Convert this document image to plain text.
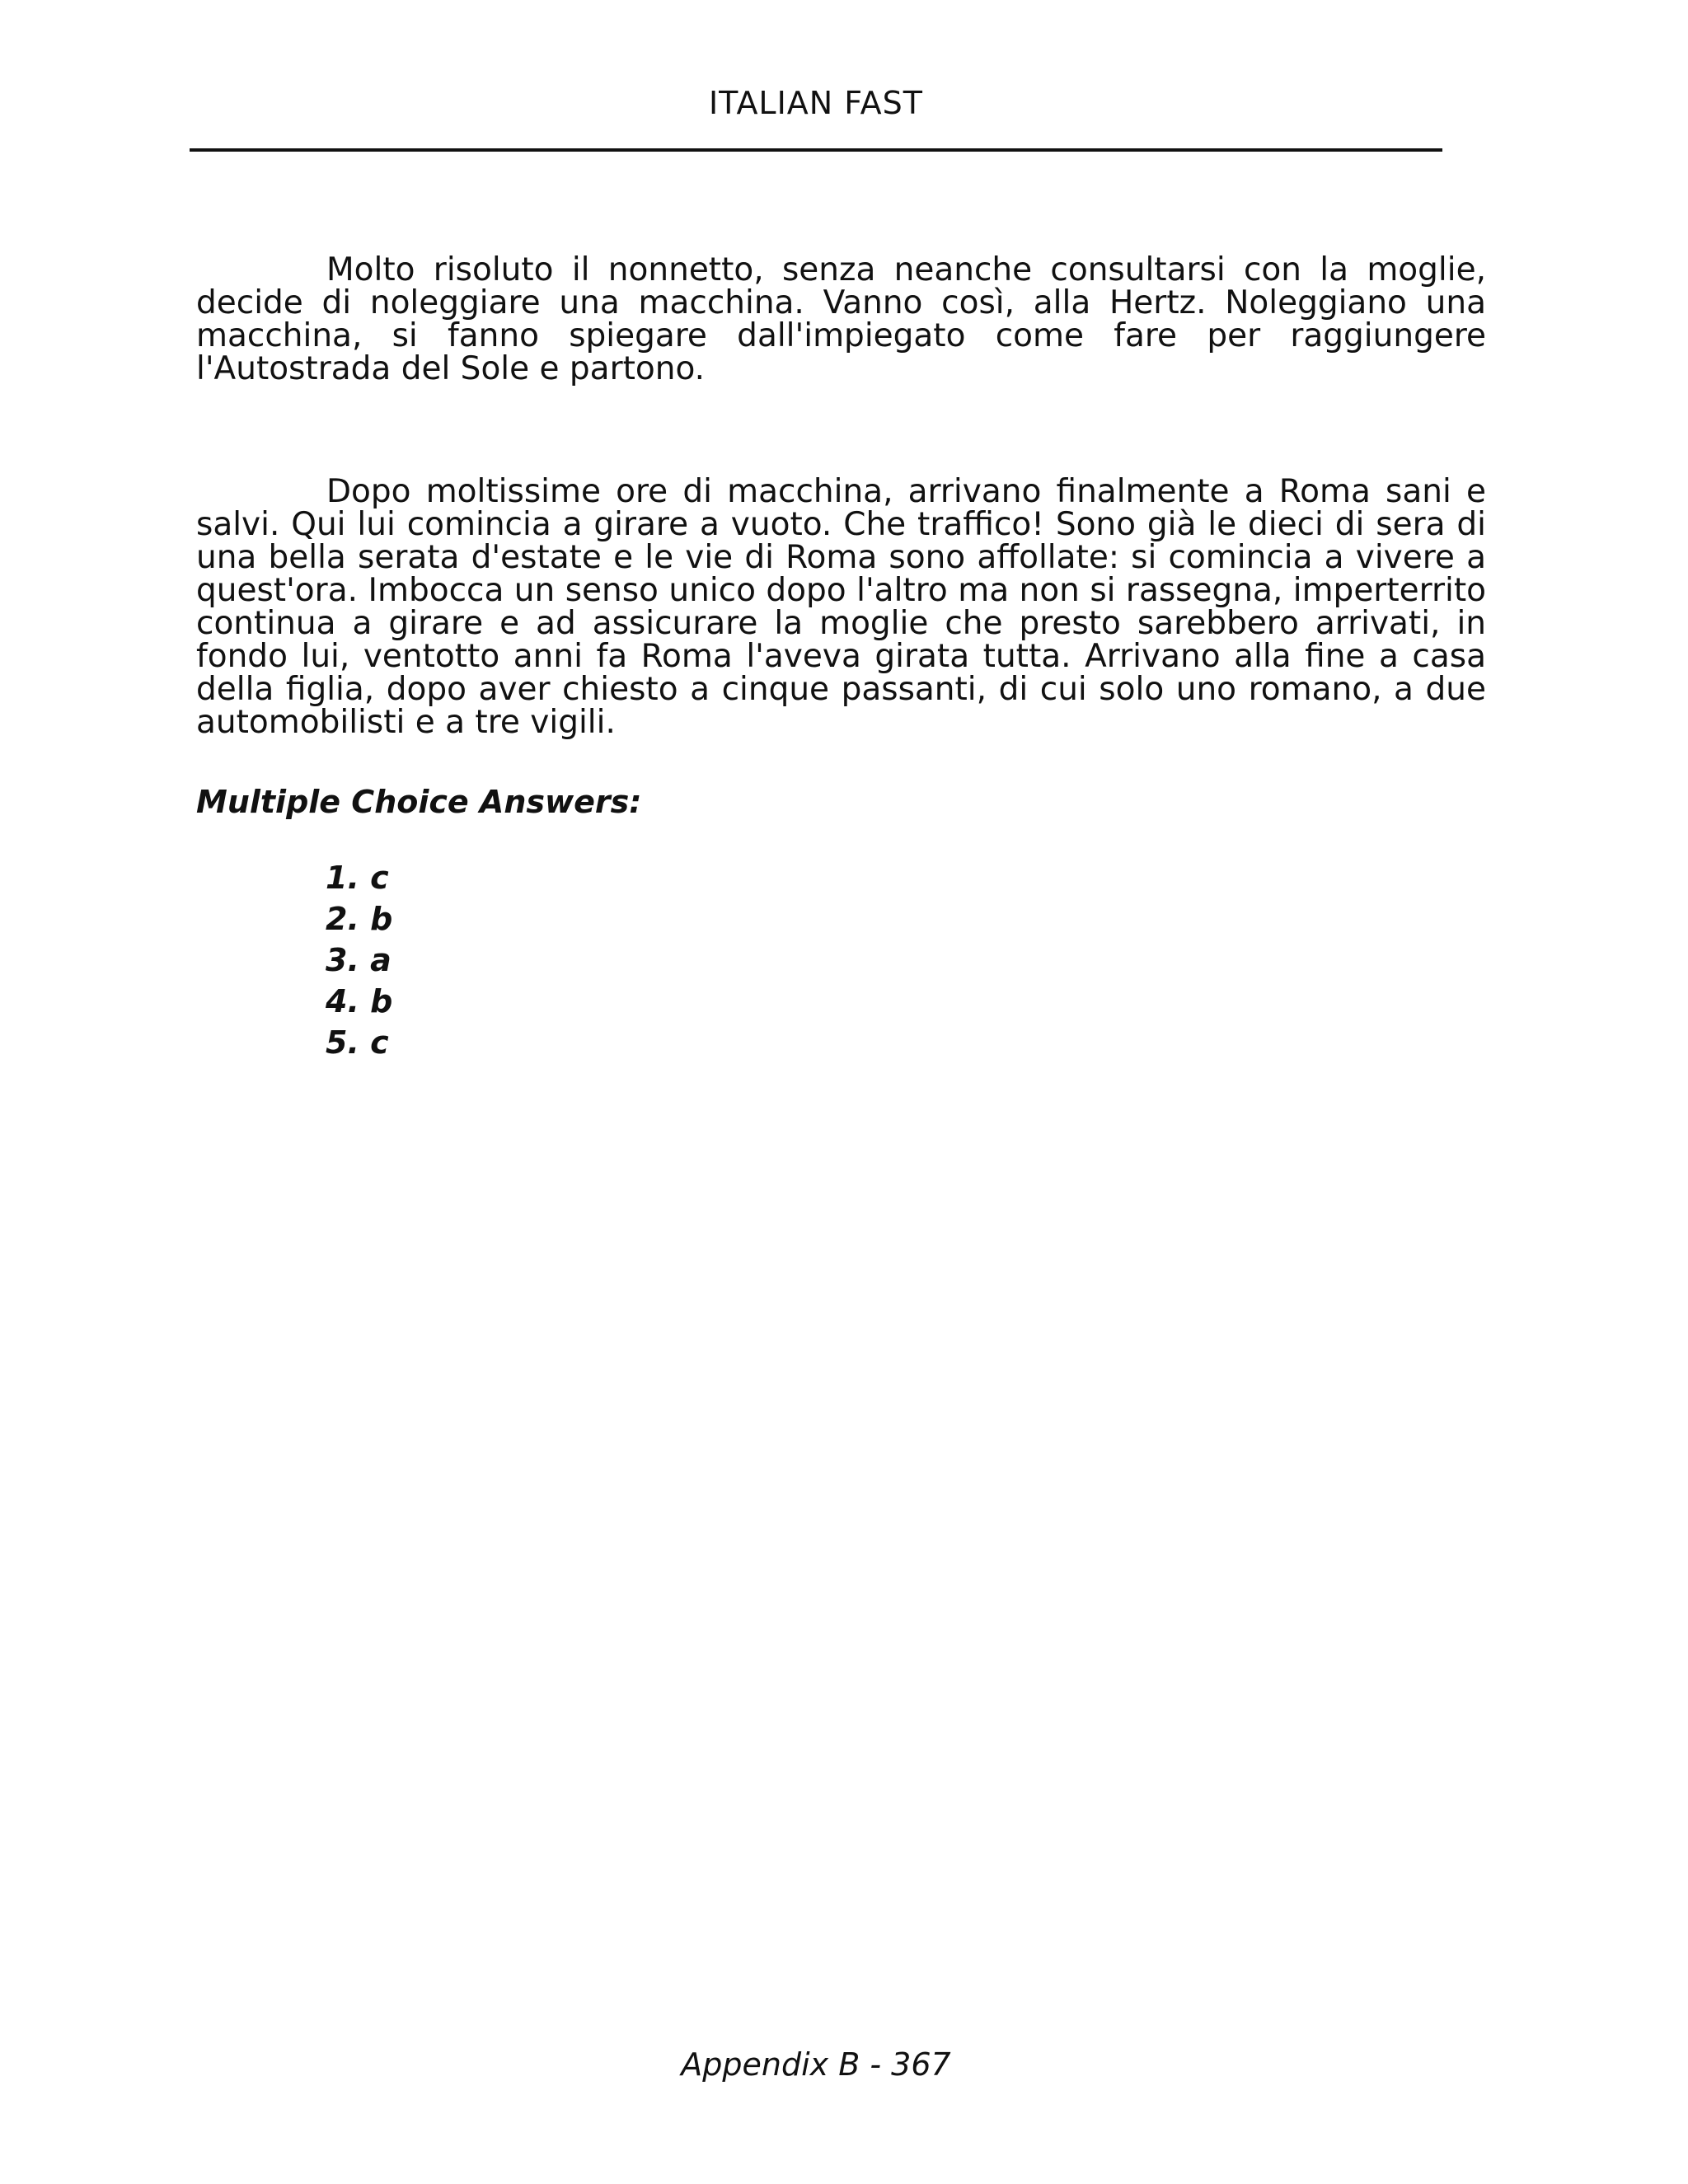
ITALIAN FAST

Molto risoluto il nonnetto, senza neanche consultarsi con la moglie, decide di noleggiare una macchina. Vanno così, alla Hertz. Noleggiano una macchina, si fanno spiegare dall'impiegato come fare per raggiungere l'Autostrada del Sole e partono.

Dopo moltissime ore di macchina, arrivano finalmente a Roma sani e salvi. Qui lui comincia a girare a vuoto. Che traffico! Sono già le dieci di sera di una bella serata d'estate e le vie di Roma sono affollate: si comincia a vivere a quest'ora. Imbocca un senso unico dopo l'altro ma non si rassegna, imperterrito continua a girare e ad assicurare la moglie che presto sarebbero arrivati, in fondo lui, ventotto anni fa Roma l'aveva girata tutta. Arrivano alla fine a casa della figlia, dopo aver chiesto a cinque passanti, di cui solo uno romano, a due automobilisti e a tre vigili.

Multiple Choice Answers:
1. c
2. b
3. a
4. b
5. c
Appendix B - 367
